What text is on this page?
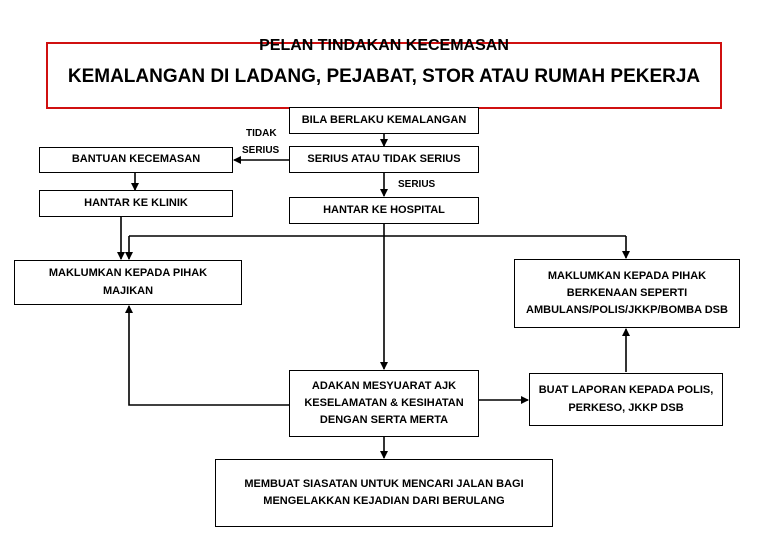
PELAN TINDAKAN KECEMASAN
KEMALANGAN DI LADANG, PEJABAT, STOR ATAU RUMAH PEKERJA
BILA BERLAKU KEMALANGAN
SERIUS ATAU TIDAK SERIUS
BANTUAN KECEMASAN
HANTAR KE KLINIK
HANTAR KE HOSPITAL
MAKLUMKAN KEPADA PIHAK
MAJIKAN
MAKLUMKAN KEPADA PIHAK
BERKENAAN SEPERTI
AMBULANS/POLIS/JKKP/BOMBA DSB
ADAKAN MESYUARAT AJK
KESELAMATAN & KESIHATAN
DENGAN SERTA MERTA
BUAT LAPORAN KEPADA POLIS,
PERKESO, JKKP DSB
MEMBUAT SIASATAN UNTUK MENCARI JALAN BAGI
MENGELAKKAN KEJADIAN DARI BERULANG
TIDAK
SERIUS
SERIUS
